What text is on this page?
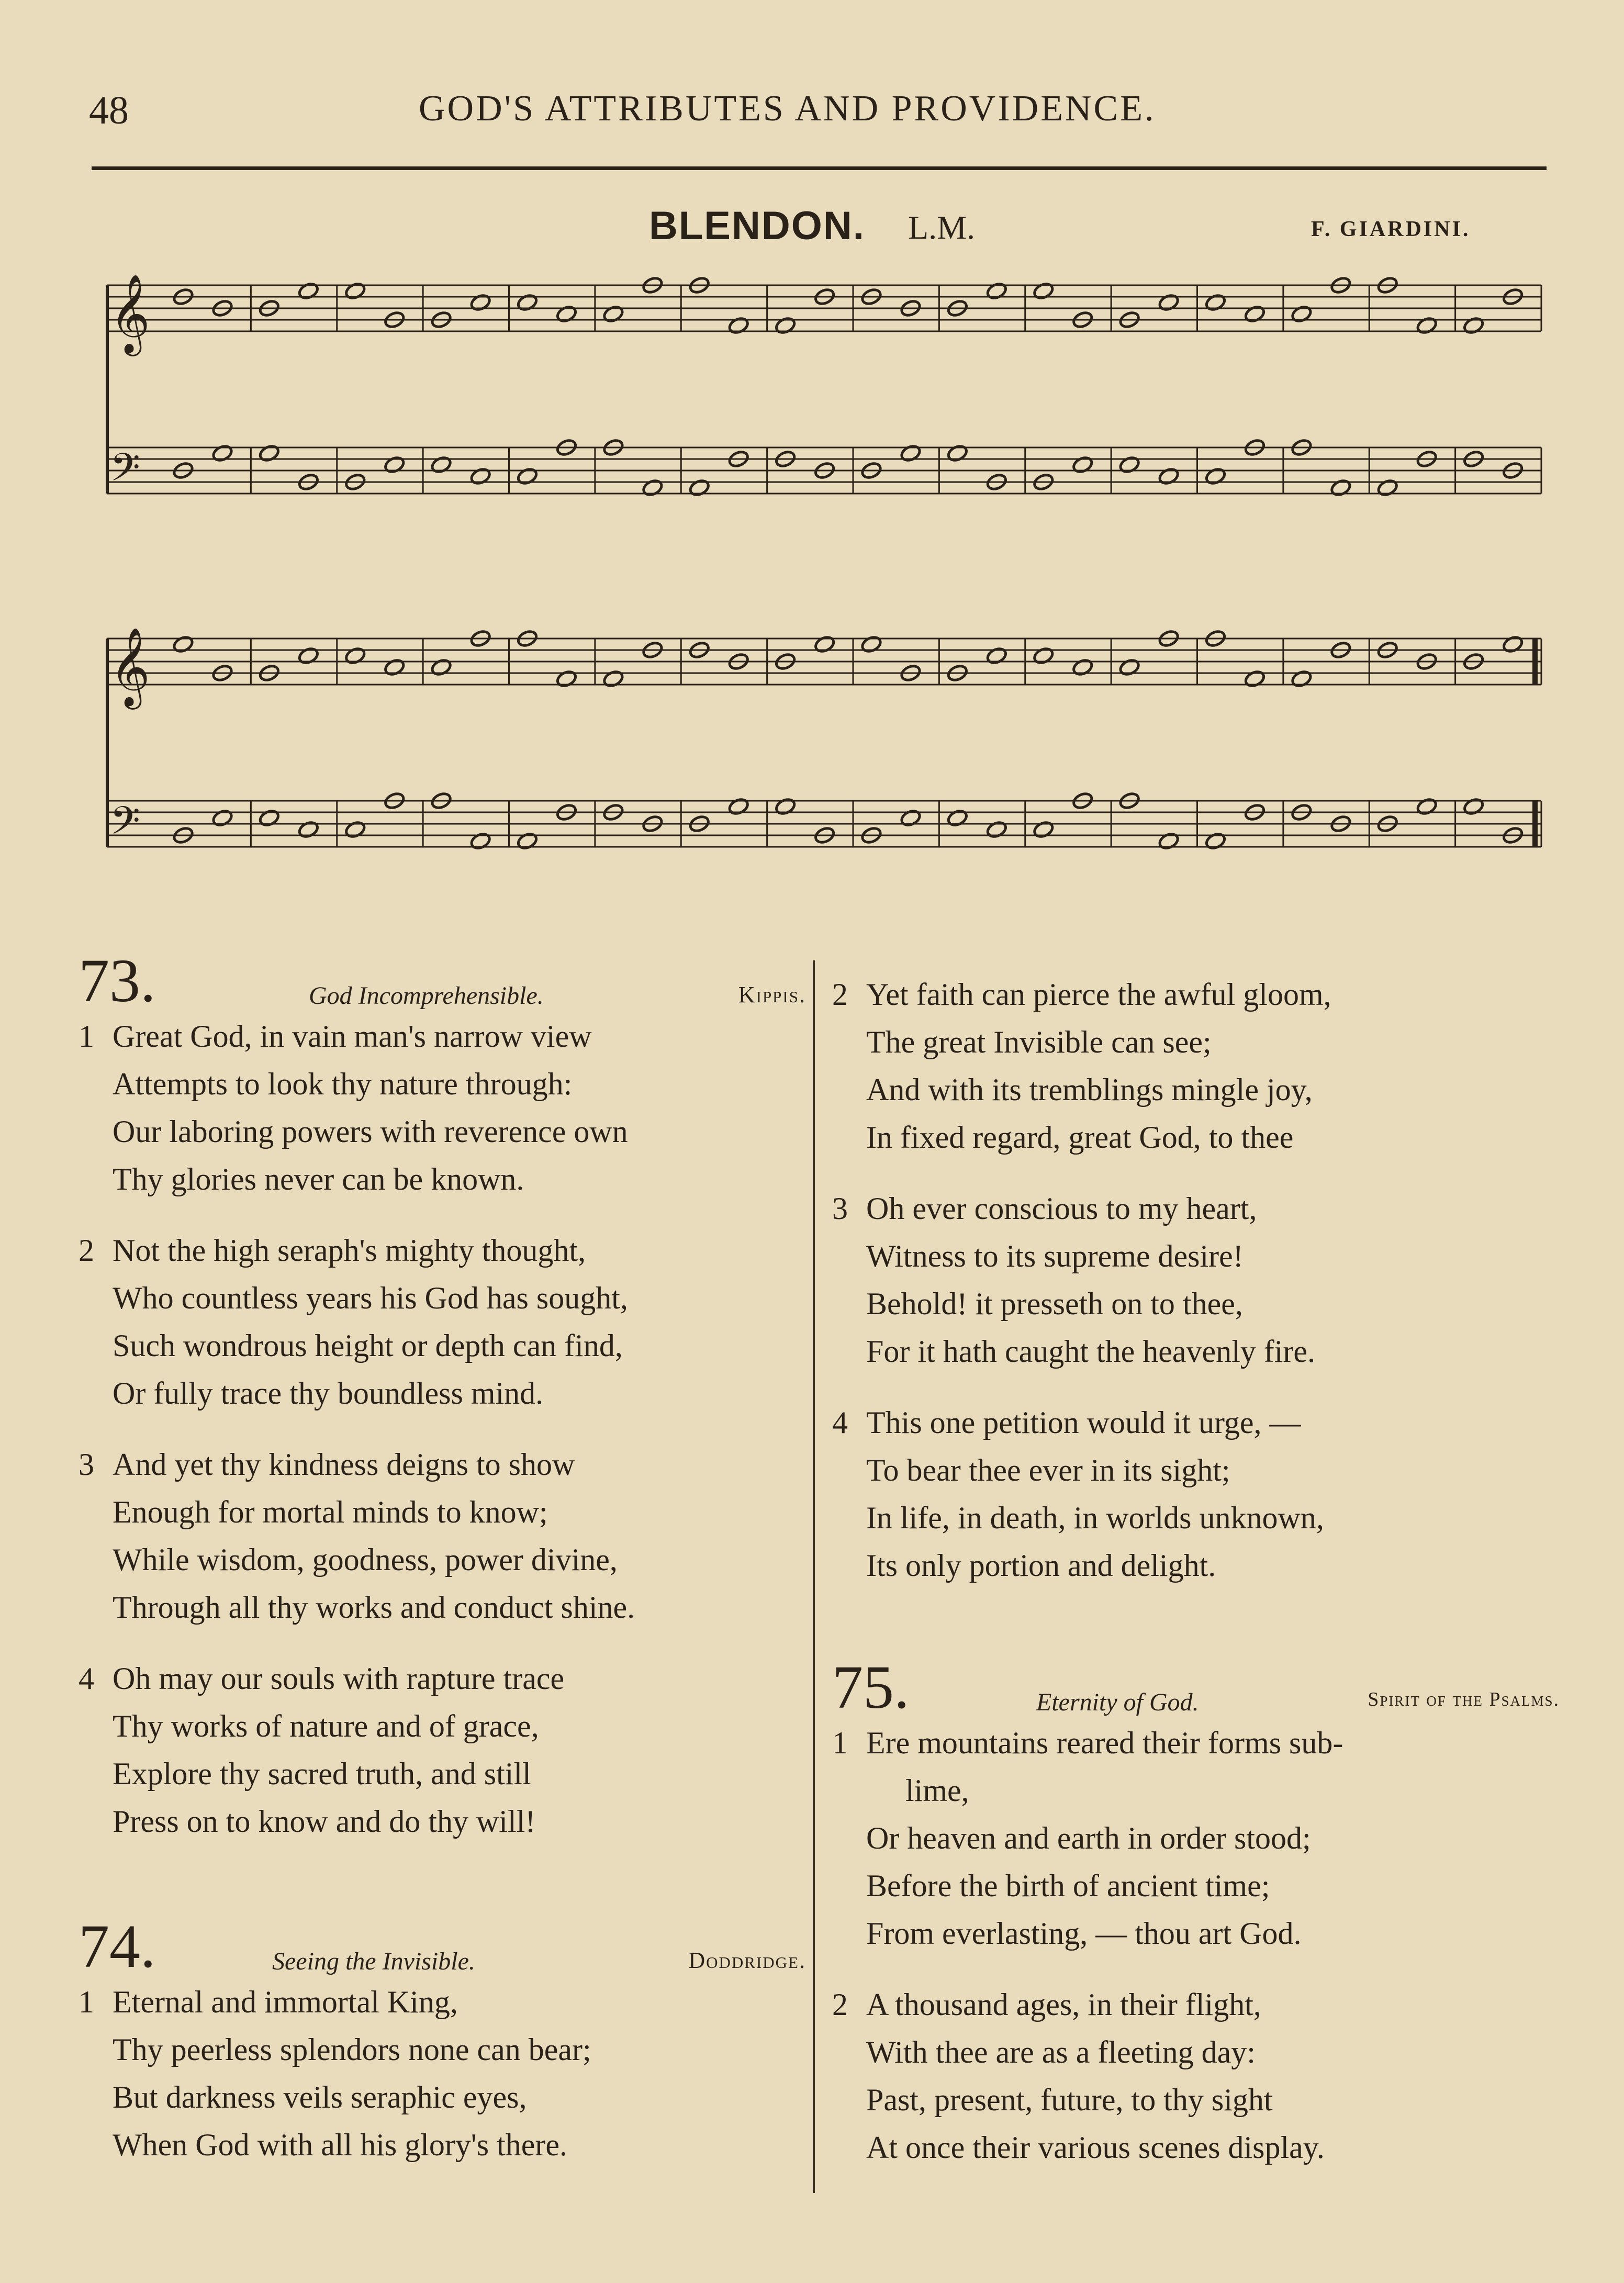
48	GOD'S ATTRIBUTES AND PROVIDENCE.
BLENDON. L.M.	F. GIARDINI.
𝄞
𝄢
𝄞
𝄢
73.	God Incomprehensible.	Kippis.
1 Great God, in vain man's narrow view
Attempts to look thy nature through:
Our laboring powers with reverence own
Thy glories never can be known.
2 Not the high seraph's mighty thought,
Who countless years his God has sought,
Such wondrous height or depth can find,
Or fully trace thy boundless mind.
3 And yet thy kindness deigns to show
Enough for mortal minds to know;
While wisdom, goodness, power divine,
Through all thy works and conduct shine.
4 Oh may our souls with rapture trace
Thy works of nature and of grace,
Explore thy sacred truth, and still
Press on to know and do thy will!
74.	Seeing the Invisible.	Doddridge.
1 Eternal and immortal King,
Thy peerless splendors none can bear;
But darkness veils seraphic eyes,
When God with all his glory's there.
2 Yet faith can pierce the awful gloom,
The great Invisible can see;
And with its tremblings mingle joy,
In fixed regard, great God, to thee
3 Oh ever conscious to my heart,
Witness to its supreme desire!
Behold! it presseth on to thee,
For it hath caught the heavenly fire.
4 This one petition would it urge, —
To bear thee ever in its sight;
In life, in death, in worlds unknown,
Its only portion and delight.
75.	Eternity of God.	Spirit of the Psalms.
1 Ere mountains reared their forms sub-
lime,
Or heaven and earth in order stood;
Before the birth of ancient time;
From everlasting, — thou art God.
2 A thousand ages, in their flight,
With thee are as a fleeting day:
Past, present, future, to thy sight
At once their various scenes display.
